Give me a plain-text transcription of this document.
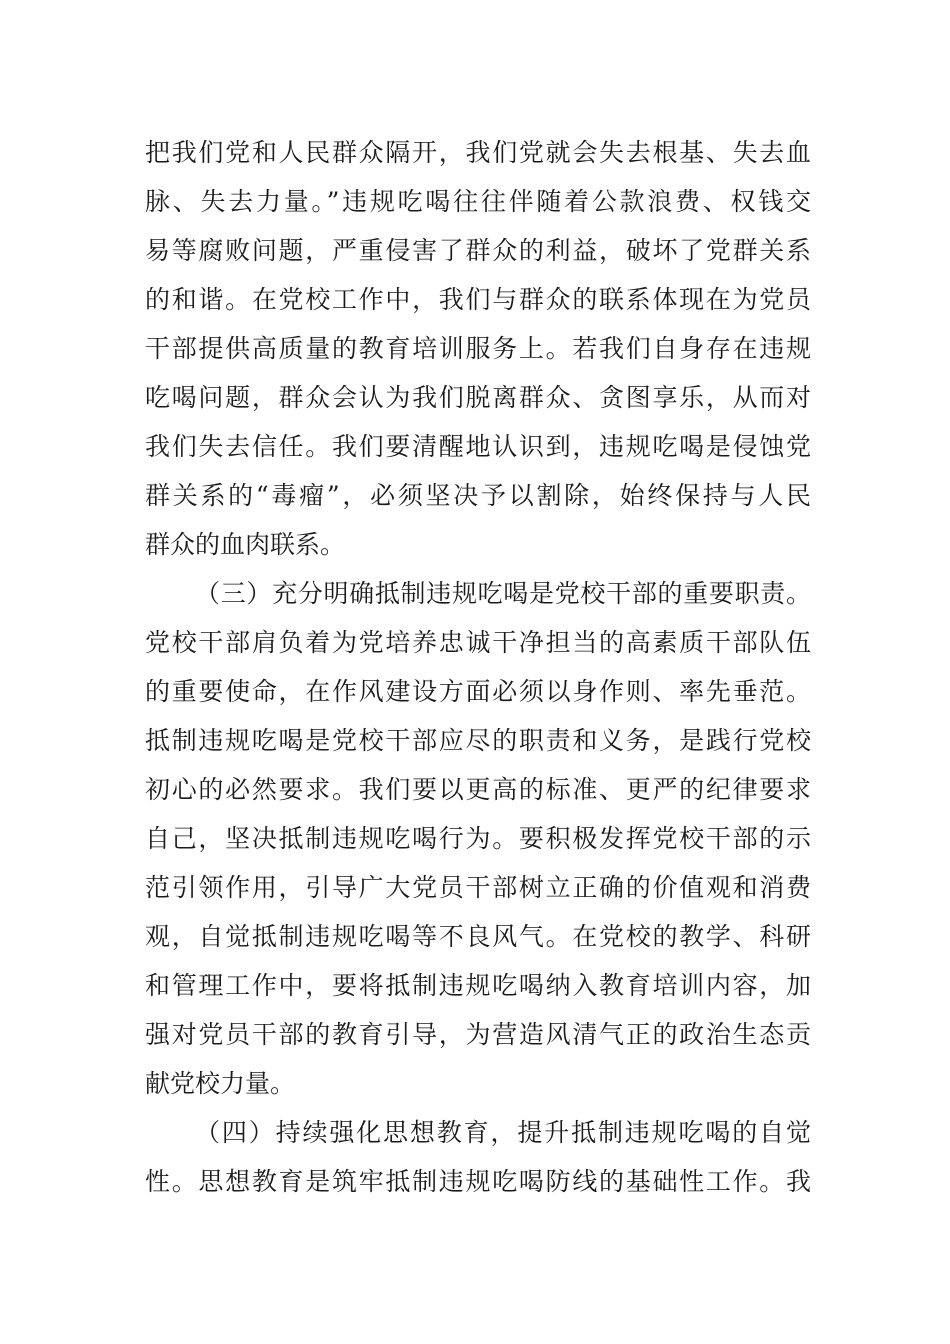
把我们党和人民群众隔开，我们党就会失去根基、失去血
脉、失去力量。”违规吃喝往往伴随着公款浪费、权钱交
易等腐败问题，严重侵害了群众的利益，破坏了党群关系
的和谐。在党校工作中，我们与群众的联系体现在为党员
干部提供高质量的教育培训服务上。若我们自身存在违规
吃喝问题，群众会认为我们脱离群众、贪图享乐，从而对
我们失去信任。我们要清醒地认识到，违规吃喝是侵蚀党
群关系的“毒瘤”，必须坚决予以割除，始终保持与人民
群众的血肉联系。
（三）充分明确抵制违规吃喝是党校干部的重要职责。
党校干部肩负着为党培养忠诚干净担当的高素质干部队伍
的重要使命，在作风建设方面必须以身作则、率先垂范。
抵制违规吃喝是党校干部应尽的职责和义务，是践行党校
初心的必然要求。我们要以更高的标准、更严的纪律要求
自己，坚决抵制违规吃喝行为。要积极发挥党校干部的示
范引领作用，引导广大党员干部树立正确的价值观和消费
观，自觉抵制违规吃喝等不良风气。在党校的教学、科研
和管理工作中，要将抵制违规吃喝纳入教育培训内容，加
强对党员干部的教育引导，为营造风清气正的政治生态贡
献党校力量。
（四）持续强化思想教育，提升抵制违规吃喝的自觉
性。思想教育是筑牢抵制违规吃喝防线的基础性工作。我
